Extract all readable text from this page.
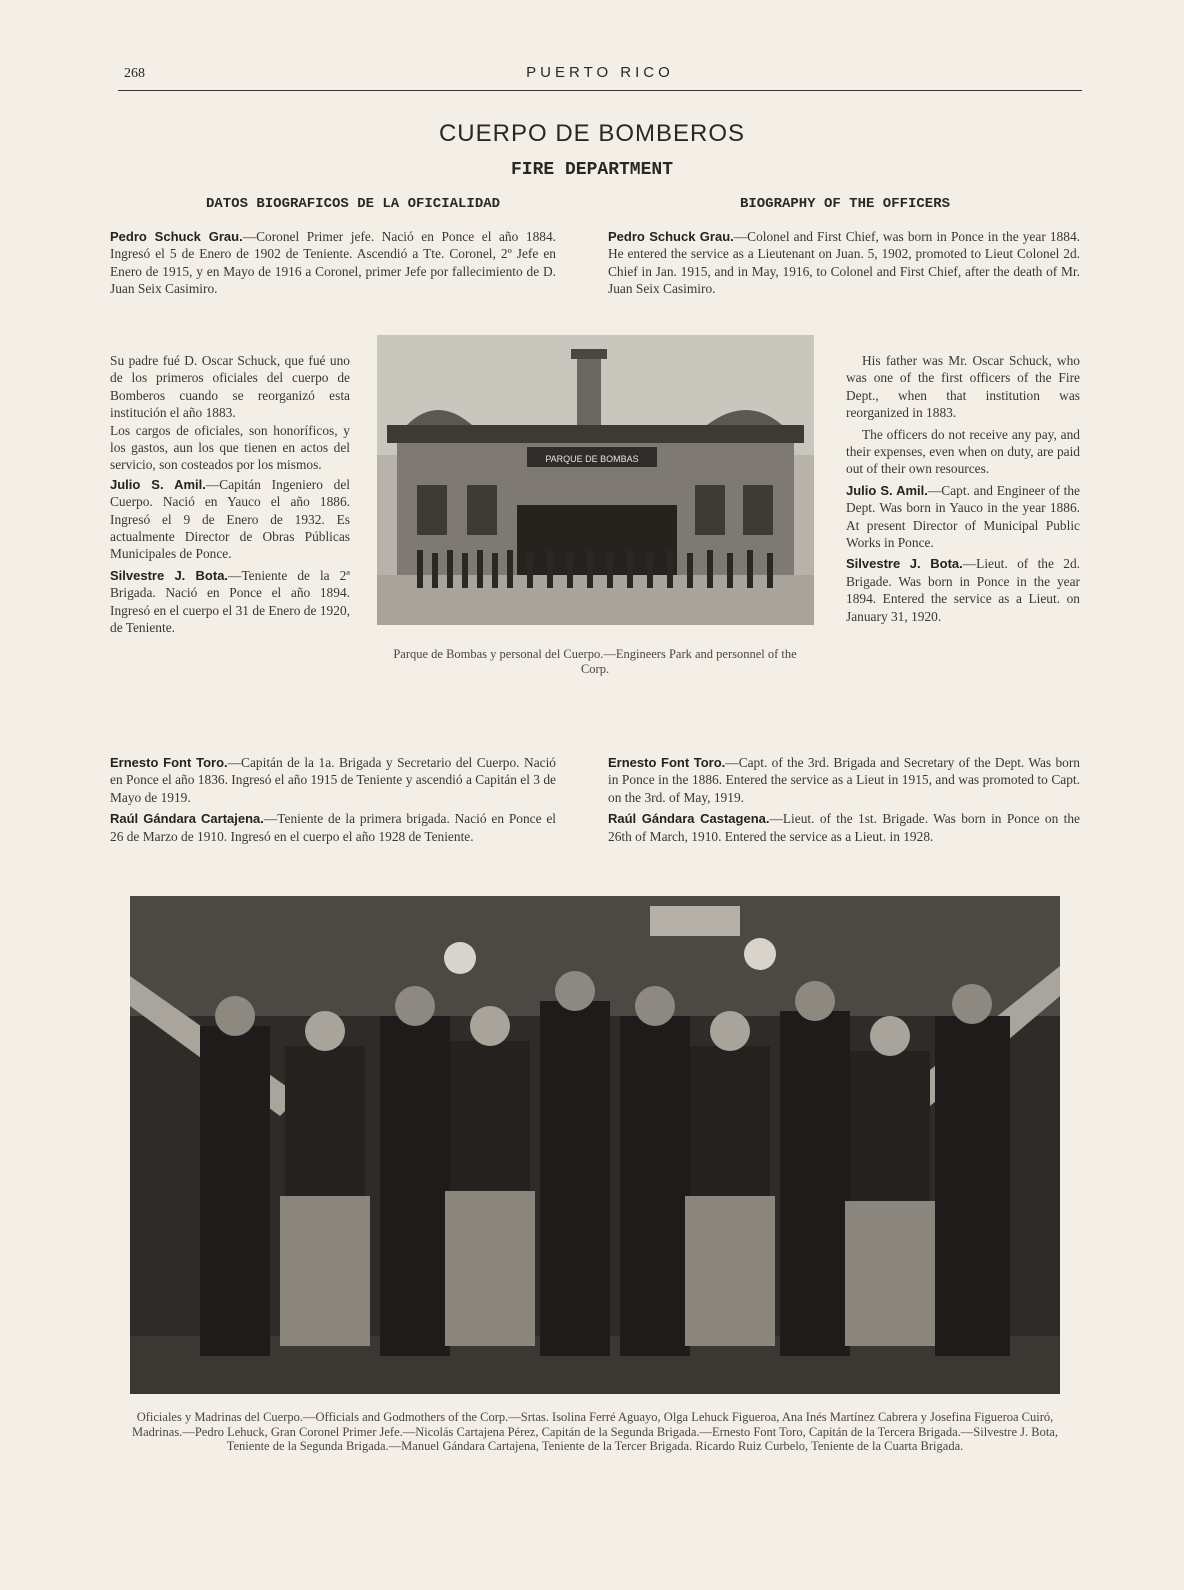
268	PUERTO RICO
CUERPO DE BOMBEROS
FIRE DEPARTMENT
DATOS BIOGRAFICOS DE LA OFICIALIDAD	BIOGRAPHY OF THE OFFICERS

Pedro Schuck Grau.—Coronel Primer jefe. Nació en Ponce el año 1884. Ingresó el 5 de Enero de 1902 de Teniente. Ascendió a Tte. Coronel, 2º Jefe en Enero de 1915, y en Mayo de 1916 a Coronel, primer Jefe por fallecimiento de D. Juan Seix Casimiro.

Su padre fué D. Oscar Schuck, que fué uno de los primeros oficiales del cuerpo de Bomberos cuando se reorganizó esta institución el año 1883.

Los cargos de oficiales, son honoríficos, y los gastos, aun los que tienen en actos del servicio, son costeados por los mismos.

Julio S. Amil.—Capitán Ingeniero del Cuerpo. Nació en Yauco el año 1886. Ingresó el 9 de Enero de 1932. Es actualmente Director de Obras Públicas Municipales de Ponce.

Silvestre J. Bota.—Teniente de la 2ª Brigada. Nació en Ponce el año 1894. Ingresó en el cuerpo el 31 de Enero de 1920, de Teniente.

Ernesto Font Toro.—Capitán de la 1a. Brigada y Secretario del Cuerpo. Nació en Ponce el año 1836. Ingresó el año 1915 de Teniente y ascendió a Capitán el 3 de Mayo de 1919.

Raúl Gándara Cartajena.—Teniente de la primera brigada. Nació en Ponce el 26 de Marzo de 1910. Ingresó en el cuerpo el año 1928 de Teniente.

Pedro Schuck Grau.—Colonel and First Chief, was born in Ponce in the year 1884. He entered the service as a Lieutenant on Juan. 5, 1902, promoted to Lieut Colonel 2d. Chief in Jan. 1915, and in May, 1916, to Colonel and First Chief, after the death of Mr. Juan Seix Casimiro.

His father was Mr. Oscar Schuck, who was one of the first officers of the Fire Dept., when that institution was reorganized in 1883.

The officers do not receive any pay, and their expenses, even when on duty, are paid out of their own resources.

Julio S. Amil.—Capt. and Engineer of the Dept. Was born in Yauco in the year 1886. At present Director of Municipal Public Works in Ponce.

Silvestre J. Bota.—Lieut. of the 2d. Brigade. Was born in Ponce in the year 1894. Entered the service as a Lieut. on January 31, 1920.

Ernesto Font Toro.—Capt. of the 3rd. Brigada and Secretary of the Dept. Was born in Ponce in the 1886. Entered the service as a Lieut in 1915, and was promoted to Capt. on the 3rd. of May, 1919.

Raúl Gándara Castagena.—Lieut. of the 1st. Brigade. Was born in Ponce on the 26th of March, 1910. Entered the service as a Lieut. in 1928.

PARQUE DE BOMBAS
Parque de Bombas y personal del Cuerpo.—Engineers Park and personnel of the Corp.
Oficiales y Madrinas del Cuerpo.—Officials and Godmothers of the Corp.—Srtas. Isolina Ferré Aguayo, Olga Lehuck Figueroa, Ana Inés Martínez Cabrera y Josefina Figueroa Cuiró, Madrinas.—Pedro Lehuck, Gran Coronel Primer Jefe.—Nicolás Cartajena Pérez, Capitán de la Segunda Brigada.—Ernesto Font Toro, Capitán de la Tercera Brigada.—Silvestre J. Bota, Teniente de la Segunda Brigada.—Manuel Gándara Cartajena, Teniente de la Tercer Brigada. Ricardo Ruiz Curbelo, Teniente de la Cuarta Brigada.
